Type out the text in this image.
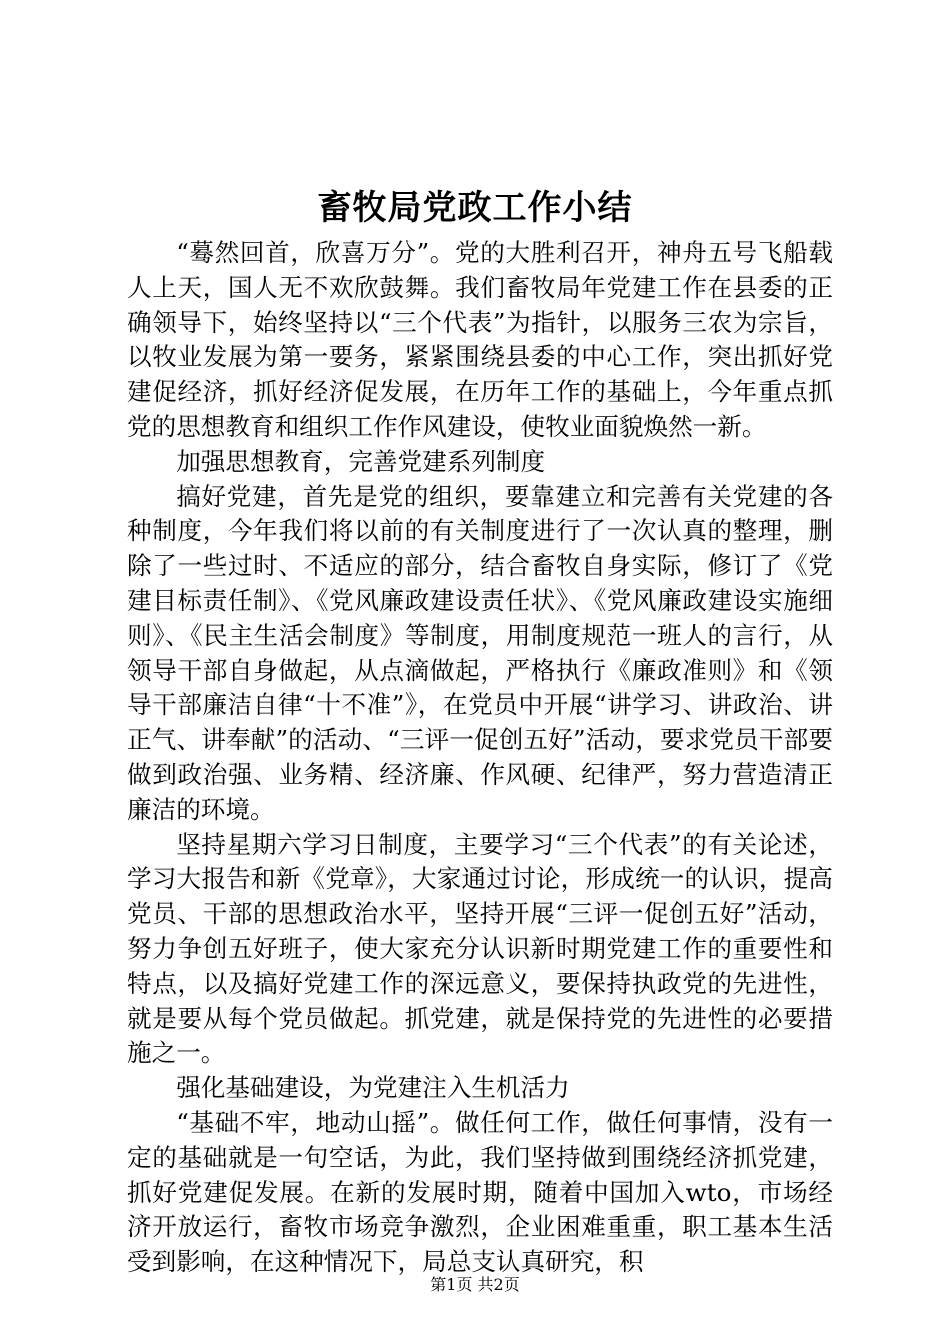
畜牧局党政工作小结

“蓦然回首，欣喜万分”。党的大胜利召开，神舟五号飞船载人上天，国人无不欢欣鼓舞。我们畜牧局年党建工作在县委的正确领导下，始终坚持以“三个代表”为指针，以服务三农为宗旨，以牧业发展为第一要务，紧紧围绕县委的中心工作，突出抓好党建促经济，抓好经济促发展，在历年工作的基础上，今年重点抓党的思想教育和组织工作作风建设，使牧业面貌焕然一新。

加强思想教育，完善党建系列制度

搞好党建，首先是党的组织，要靠建立和完善有关党建的各种制度，今年我们将以前的有关制度进行了一次认真的整理，删除了一些过时、不适应的部分，结合畜牧自身实际，修订了《党建目标责任制》、《党风廉政建设责任状》、《党风廉政建设实施细则》、《民主生活会制度》等制度，用制度规范一班人的言行，从领导干部自身做起，从点滴做起，严格执行《廉政准则》和《领导干部廉洁自律“十不准”》，在党员中开展“讲学习、讲政治、讲正气、讲奉献”的活动、“三评一促创五好”活动，要求党员干部要做到政治强、业务精、经济廉、作风硬、纪律严，努力营造清正廉洁的环境。

坚持星期六学习日制度，主要学习“三个代表”的有关论述，学习大报告和新《党章》，大家通过讨论，形成统一的认识，提高党员、干部的思想政治水平，坚持开展“三评一促创五好”活动，努力争创五好班子，使大家充分认识新时期党建工作的重要性和特点，以及搞好党建工作的深远意义，要保持执政党的先进性，就是要从每个党员做起。抓党建，就是保持党的先进性的必要措施之一。

强化基础建设，为党建注入生机活力

“基础不牢，地动山摇”。做任何工作，做任何事情，没有一定的基础就是一句空话，为此，我们坚持做到围绕经济抓党建，抓好党建促发展。在新的发展时期，随着中国加入wto，市场经济开放运行，畜牧市场竞争激烈，企业困难重重，职工基本生活受到影响，在这种情况下，局总支认真研究，积

第1页 共2页
